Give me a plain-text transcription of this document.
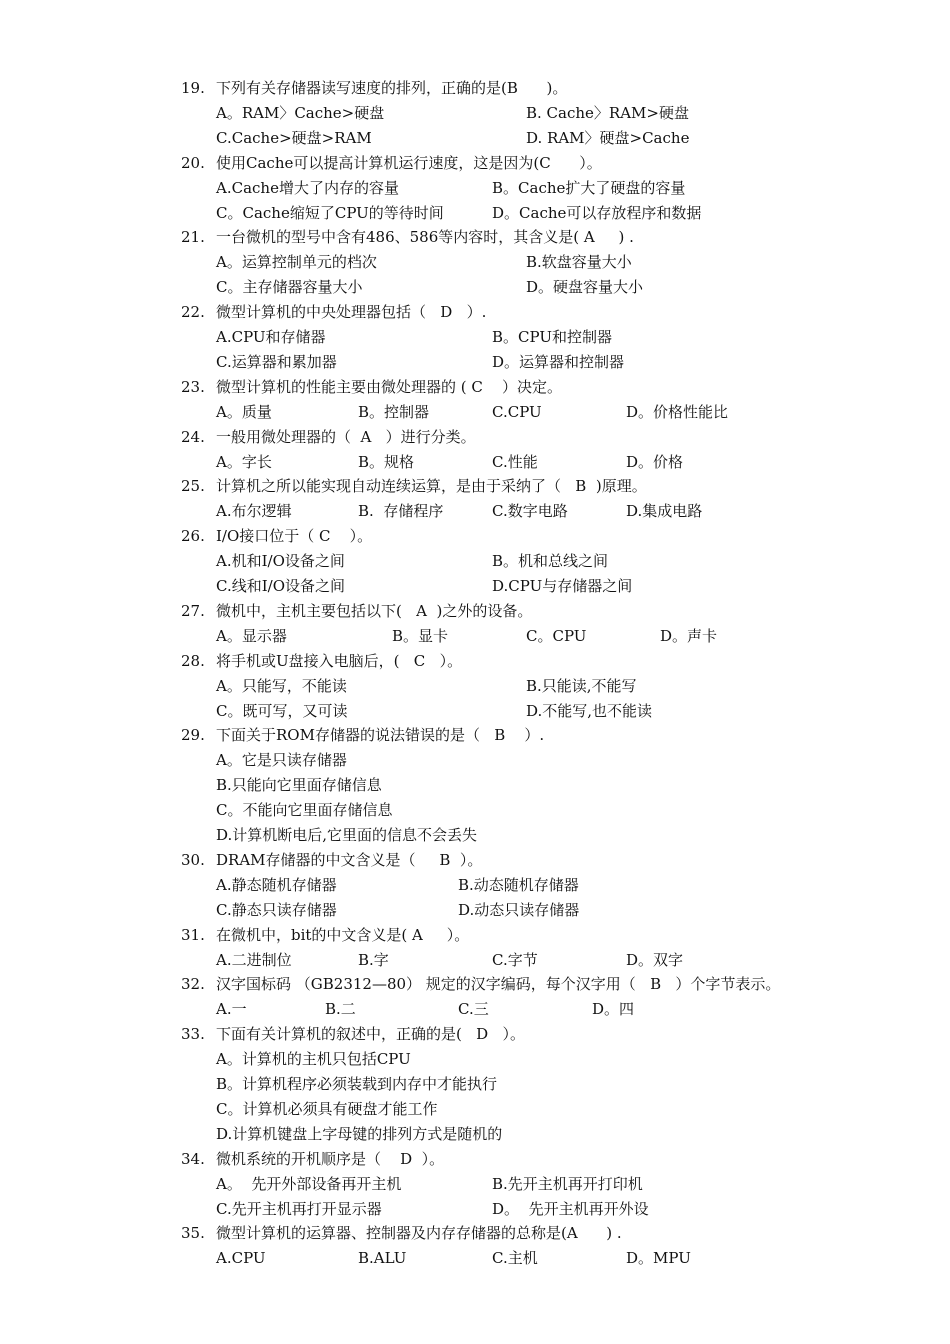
19. 下列有关存储器读写速度的排列，正确的是(B      )。
A。RAM〉Cache>硬盘	B. Cache〉RAM>硬盘
C.Cache>硬盘>RAM	D. RAM〉硬盘>Cache
20. 使用Cache可以提高计算机运行速度，这是因为(C      ）。
A.Cache增大了内存的容量	B。Cache扩大了硬盘的容量
C。Cache缩短了CPU的等待时间	D。Cache可以存放程序和数据
21. 一台微机的型号中含有486、586等内容时，其含义是( A     ) .
A。运算控制单元的档次	B.软盘容量大小
C。主存储器容量大小	D。硬盘容量大小
22. 微型计算机的中央处理器包括（   D   ）.
A.CPU和存储器	B。CPU和控制器
C.运算器和累加器	D。运算器和控制器
23. 微型计算机的性能主要由微处理器的 ( C    ）决定。
A。质量	B。控制器	C.CPU	D。价格性能比
24. 一般用微处理器的（  A   ）进行分类。
A。字长	B。规格	C.性能	D。价格
25. 计算机之所以能实现自动连续运算，是由于采纳了（   B  )原理。
A.布尔逻辑	B.  存储程序	C.数字电路	D.集成电路
26. I/O接口位于（ C    ）。
A.机和I/O设备之间	B。机和总线之间
C.线和I/O设备之间	D.CPU与存储器之间
27. 微机中，主机主要包括以下(   A  )之外的设备。
A。显示器	B。显卡	C。CPU	D。声卡
28. 将手机或U盘接入电脑后，(   C   ）。
A。只能写，不能读	B.只能读,不能写
C。既可写，又可读	D.不能写,也不能读
29. 下面关于ROM存储器的说法错误的是（   B    ）.
A。它是只读存储器
B.只能向它里面存储信息
C。不能向它里面存储信息
D.计算机断电后,它里面的信息不会丢失
30. DRAM存储器的中文含义是（     B  ）。
A.静态随机存储器	B.动态随机存储器
C.静态只读存储器	D.动态只读存储器
31. 在微机中，bit的中文含义是( A     ）。
A.二进制位	B.字	C.字节	D。双字
32. 汉字国标码 （GB2312—80） 规定的汉字编码，每个汉字用（   B   ）个字节表示。
A.一	B.二	C.三	D。四
33. 下面有关计算机的叙述中，正确的是(   D   ）。
A。计算机的主机只包括CPU
B。计算机程序必须装载到内存中才能执行
C。计算机必须具有硬盘才能工作
D.计算机键盘上字母键的排列方式是随机的
34. 微机系统的开机顺序是（    D  ）。
A。  先开外部设备再开主机	B.先开主机再开打印机
C.先开主机再打开显示器	D。  先开主机再开外设
35. 微型计算机的运算器、控制器及内存存储器的总称是(A      ) .
A.CPU	B.ALU	C.主机	D。MPU
